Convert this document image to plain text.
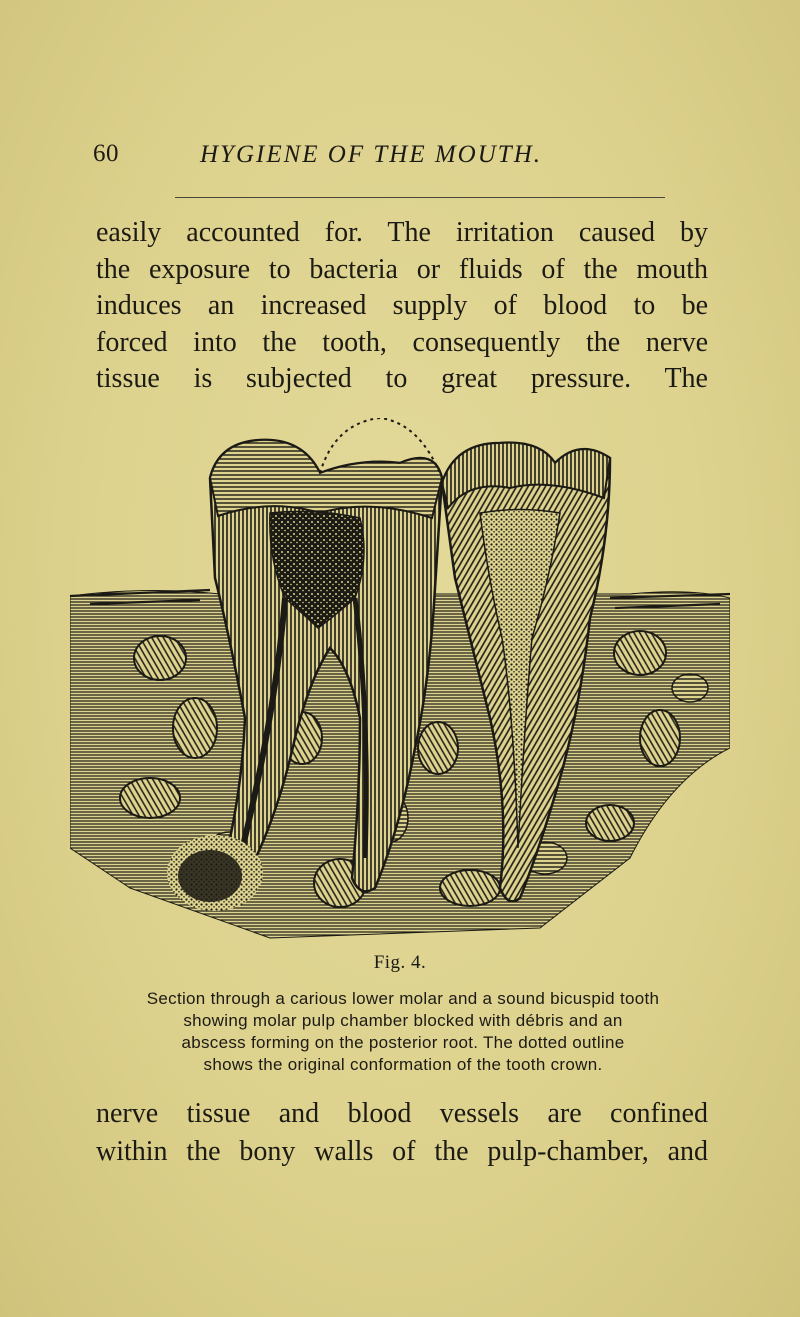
60	HYGIENE OF THE MOUTH.
easily accounted for. The irritation caused by
the exposure to bacteria or fluids of the mouth
induces an increased supply of blood to be
forced into the tooth, consequently the nerve
tissue is subjected to great pressure. The
Fig. 4.
Section through a carious lower molar and a sound bicuspid tooth
showing molar pulp chamber blocked with débris and an
abscess forming on the posterior root. The dotted outline
shows the original conformation of the tooth crown.
nerve tissue and blood vessels are confined
within the bony walls of the pulp-chamber, and
